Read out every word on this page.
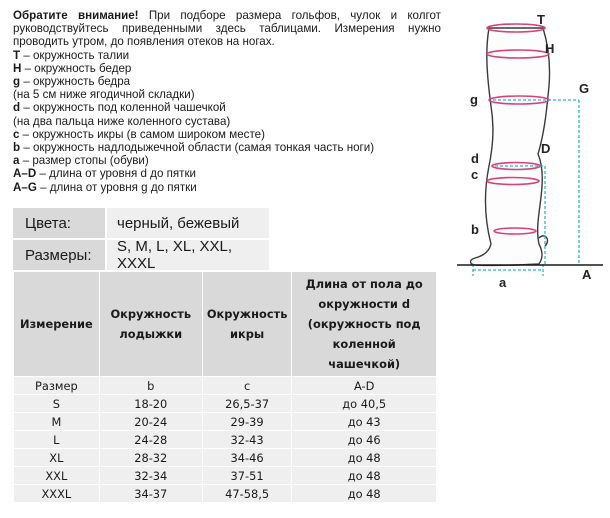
Обратите внимание! При подборе размера гольфов, чулок и колгот руководствуйтесь приведенными здесь таблицами. Измерения нужно проводить утром, до появления отеков на ногах.
T – окружность талии
H – окружность бедер
g – окружность бедра
(на 5 см ниже ягодичной складки)
d – окружность под коленной чашечкой
(на два пальца ниже коленного сустава)
c – окружность икры (в самом широком месте)
b – окружность надлодыжечной области (самая тонкая часть ноги)
a – размер стопы (обуви)
A–D – длина от уровня d до пятки
A–G – длина от уровня g до пятки
Цвета:	черный, бежевый
Размеры:	S, M, L, XL, XXL, XXXL
Измерение	Окружность лодыжки	Окружность икры	Длина от пола до окружности d (окружность под коленной чашечкой)
Размер	b	c	A-D
S	18-20	26,5-37	до 40,5
M	20-24	29-39	до 43
L	24-28	32-43	до 46
XL	28-32	34-46	до 48
XXL	32-34	37-51	до 48
XXXL	34-37	47-58,5	до 48
T
H
G
g
d
D
c
b
a
A
